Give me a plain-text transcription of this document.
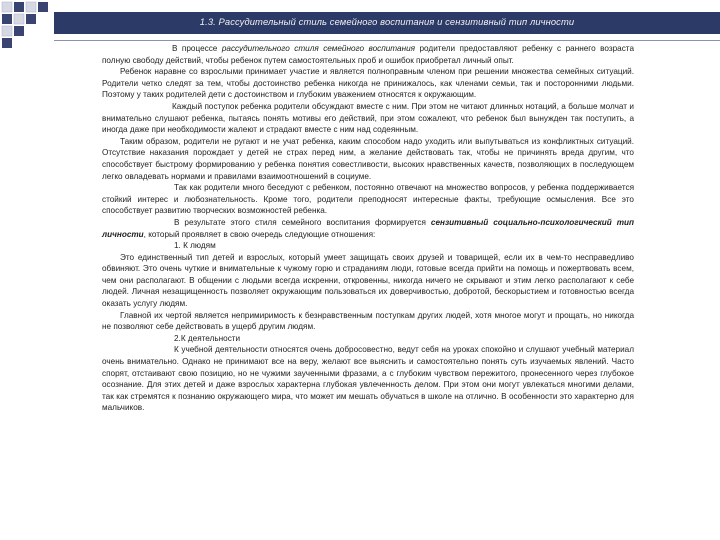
1.3. Рассудительный стиль семейного воспитания и сензитивный тип личности

В процессе рассудительного стиля семейного воспитания родители предоставляют ребенку с раннего возраста полную свободу действий, чтобы ребенок путем самостоятельных проб и ошибок приобретал личный опыт.

Ребенок наравне со взрослыми принимает участие и является полноправным членом при решении множества семейных ситуаций. Родители четко следят за тем, чтобы достоинство ребенка никогда не принижалось, как членами семьи, так и посторонними людьми. Поэтому у таких родителей дети с достоинством и глубоким уважением относятся к окружающим.

Каждый поступок ребенка родители обсуждают вместе с ним. При этом не читают длинных нотаций, а больше молчат и внимательно слушают ребенка, пытаясь понять мотивы его действий, при этом сожалеют, что ребенок был вынужден так поступить, а иногда даже при необходимости жалеют и страдают вместе с ним над содеянным.

Таким образом, родители не ругают и не учат ребенка, каким способом надо уходить или выпутываться из конфликтных ситуаций. Отсутствие наказания порождает у детей не страх перед ним, а желание действовать так, чтобы не причинять вреда другим, что способствует быстрому формированию у ребенка понятия совестливости, высоких нравственных качеств, позволяющих в последующем легко овладевать нормами и правилами взаимоотношений в социуме.

Так как родители много беседуют с ребенком, постоянно отвечают на множество вопросов, у ребенка поддерживается стойкий интерес и любознательность. Кроме того, родители преподносят интересные факты, требующие осмысления. Все это способствует развитию творческих возможностей ребенка.

В результате этого стиля семейного воспитания формируется сензитивный социально-психологический тип личности, который проявляет в свою очередь следующие отношения:

1. К людям

Это единственный тип детей и взрослых, который умеет защищать своих друзей и товарищей, если их в чем-то несправедливо обвиняют. Это очень чуткие и внимательные к чужому горю и страданиям люди, готовые всегда прийти на помощь и пожертвовать всем, чем они располагают. В общении с людьми всегда искренни, откровенны, никогда ничего не скрывают и этим легко располагают к себе людей. Личная незащищенность позволяет окружающим пользоваться их доверчивостью, добротой, бескорыстием и готовностью всегда оказать услугу людям.

Главной их чертой является непримиримость к безнравственным поступкам других людей, хотя многое могут и прощать, но никогда не позволяют себе действовать в ущерб другим людям.

2.К деятельности

К учебной деятельности относятся очень добросовестно, ведут себя на уроках спокойно и слушают учебный материал очень внимательно. Однако не принимают все на веру, желают все выяснить и самостоятельно понять суть изучаемых явлений. Часто спорят, отстаивают свою позицию, но не чужими заученными фразами, а с глубоким чувством пережитого, пронесенного через глубокое осознание. Для этих детей и даже взрослых характерна глубокая увлеченность делом. При этом они могут увлекаться многими делами, так как стремятся к познанию окружающего мира, что может им мешать обучаться в школе на отлично. В особенности это характерно для мальчиков.
